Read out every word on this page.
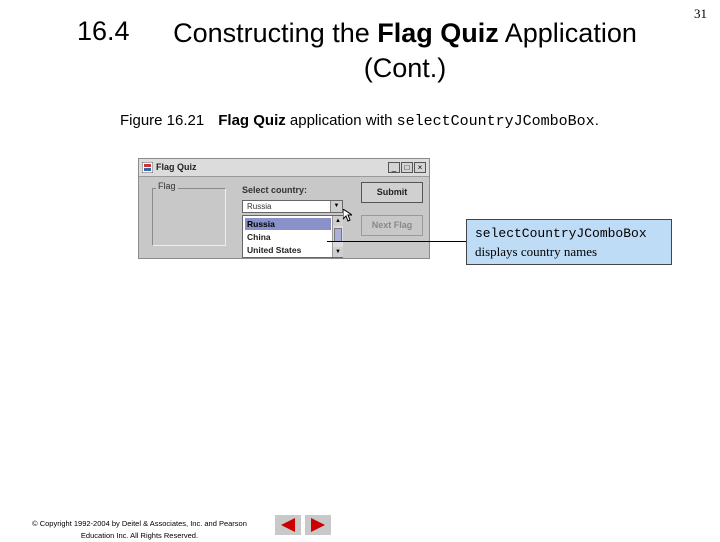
16.4	Constructing the Flag Quiz Application (Cont.)
31
Figure 16.21 Flag Quiz application with selectCountryJComboBox.
Flag Quiz	_	□	×
Flag	Select country:
Russia	▼
Russia
China
United States
▲
▼
Submit
Next Flag
selectCountryJComboBox
displays country names
© Copyright 1992-2004 by Deitel & Associates, Inc. and Pearson
Education Inc. All Rights Reserved.
